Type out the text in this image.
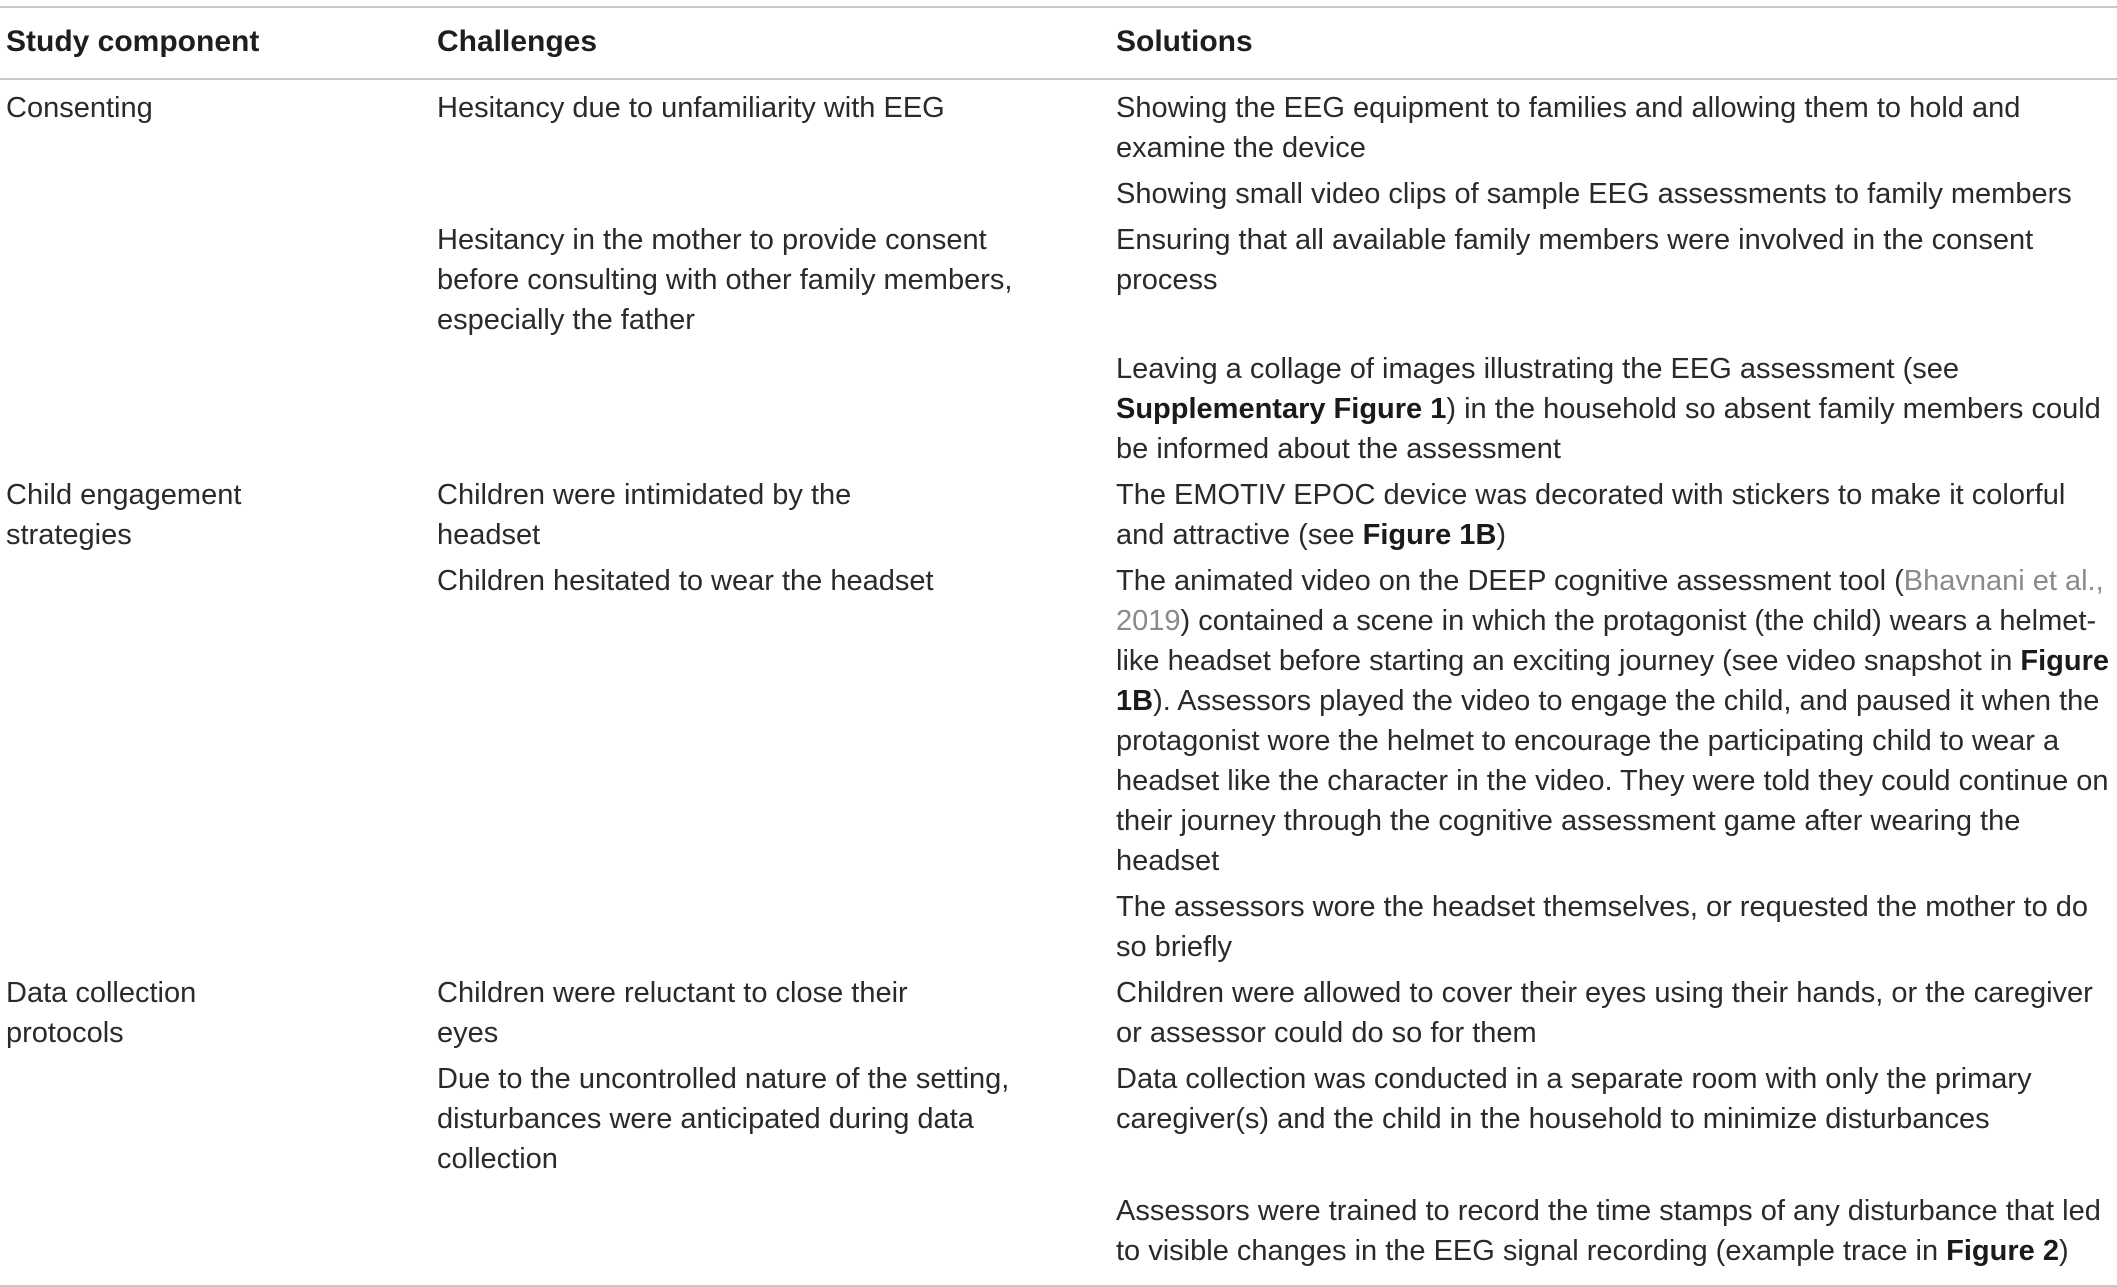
Study component	Challenges	Solutions
Consenting	Hesitancy due to unfamiliarity with EEG	Showing the EEG equipment to families and allowing them to hold and examine the device

		Showing small video clips of sample EEG assessments to family members

	Hesitancy in the mother to provide consent before consulting with other family members, especially the father	Ensuring that all available family members were involved in the consent process

		Leaving a collage of images illustrating the EEG assessment (see Supplementary Figure 1) in the household so absent family members could be informed about the assessment
Child engagement strategies	Children were intimidated by the headset	The EMOTIV EPOC device was decorated with stickers to make it colorful and attractive (see Figure 1B)
	Children hesitated to wear the headset	The animated video on the DEEP cognitive assessment tool (Bhavnani et al., 2019) contained a scene in which the protagonist (the child) wears a helmet-like headset before starting an exciting journey (see video snapshot in Figure 1B). Assessors played the video to engage the child, and paused it when the protagonist wore the helmet to encourage the participating child to wear a headset like the character in the video. They were told they could continue on their journey through the cognitive assessment game after wearing the headset

		The assessors wore the headset themselves, or requested the mother to do so briefly

Data collection protocols	Children were reluctant to close their eyes	Children were allowed to cover their eyes using their hands, or the caregiver or assessor could do so for them

	Due to the uncontrolled nature of the setting, disturbances were anticipated during data collection	Data collection was conducted in a separate room with only the primary caregiver(s) and the child in the household to minimize disturbances

		Assessors were trained to record the time stamps of any disturbance that led to visible changes in the EEG signal recording (example trace in Figure 2)
